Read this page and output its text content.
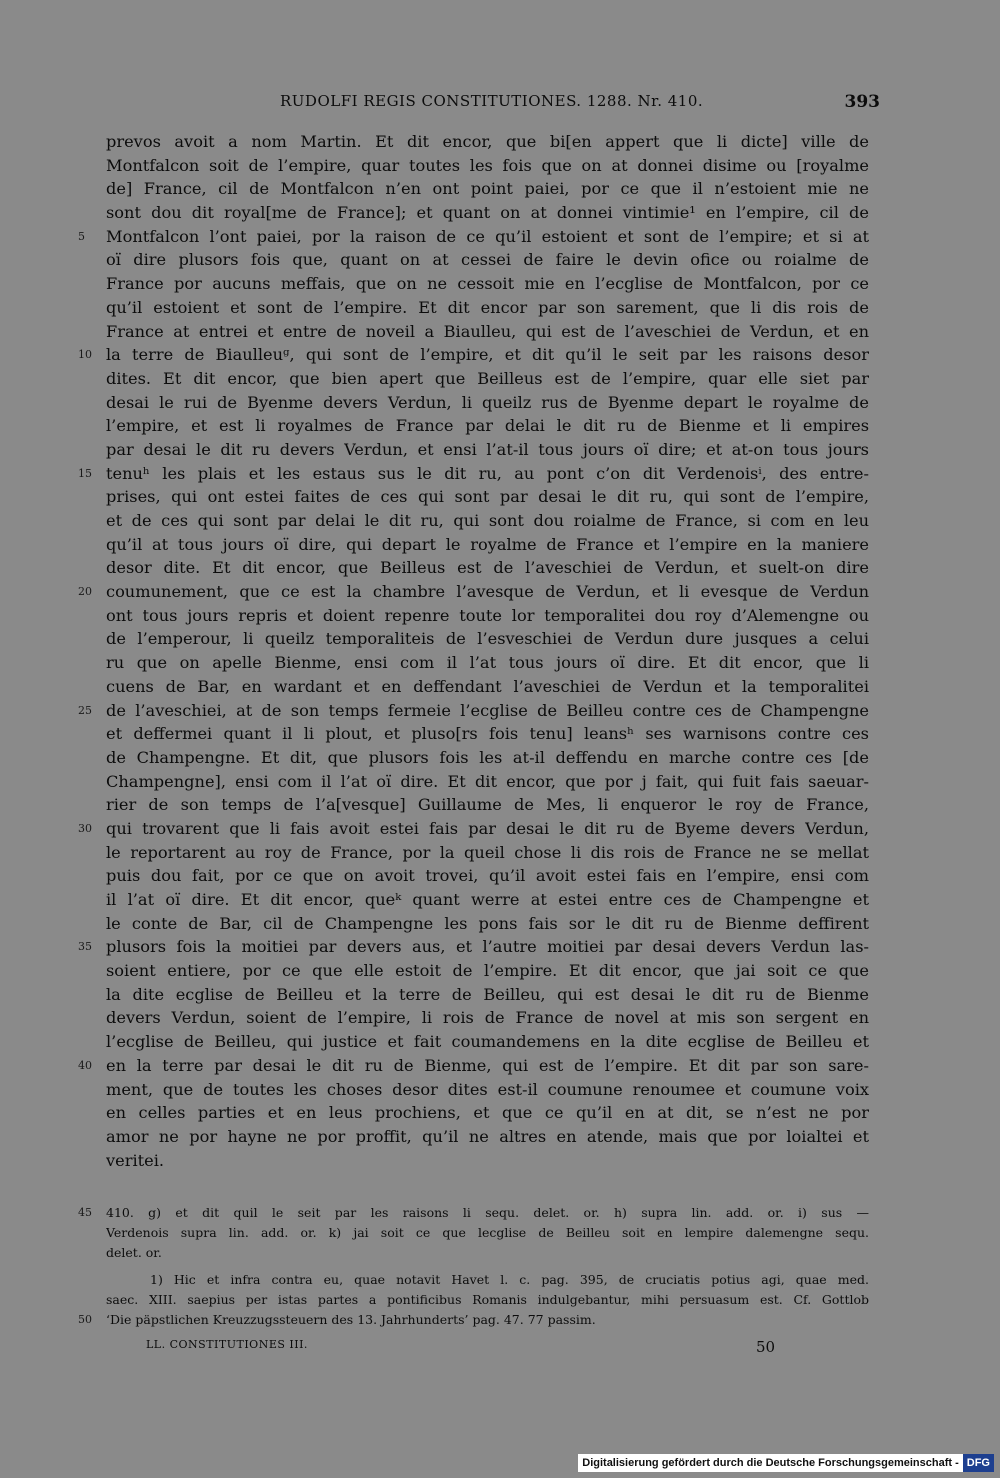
RUDOLFI REGIS CONSTITUTIONES. 1288. Nr. 410.	393
prevos avoit a nom Martin. Et dit encor, que bi[en appert que li dicte] ville de
Montfalcon soit de l’empire, quar toutes les fois que on at donnei disime ou [royalme
de] France, cil de Montfalcon n’en ont point paiei, por ce que il n’estoient mie ne
sont dou dit royal[me de France]; et quant on at donnei vintimie¹ en l’empire, cil de
5	Montfalcon l’ont paiei, por la raison de ce qu’il estoient et sont de l’empire; et si at
oï dire plusors fois que, quant on at cessei de faire le devin ofice ou roialme de
France por aucuns meffais, que on ne cessoit mie en l’ecglise de Montfalcon, por ce
qu’il estoient et sont de l’empire. Et dit encor par son sarement, que li dis rois de
France at entrei et entre de noveil a Biaulleu, qui est de l’aveschiei de Verdun, et en
10 la terre de Biaulleuᵍ, qui sont de l’empire, et dit qu’il le seit par les raisons desor
dites. Et dit encor, que bien apert que Beilleus est de l’empire, quar elle siet par
desai le rui de Byenme devers Verdun, li queilz rus de Byenme depart le royalme de
l’empire, et est li royalmes de France par delai le dit ru de Bienme et li empires
par desai le dit ru devers Verdun, et ensi l’at-il tous jours oï dire; et at-on tous jours
15 tenuʰ les plais et les estaus sus le dit ru, au pont c’on dit Verdenoisⁱ, des entre-
prises, qui ont estei faites de ces qui sont par desai le dit ru, qui sont de l’empire,
et de ces qui sont par delai le dit ru, qui sont dou roialme de France, si com en leu
qu’il at tous jours oï dire, qui depart le royalme de France et l’empire en la maniere
desor dite. Et dit encor, que Beilleus est de l’aveschiei de Verdun, et suelt-on dire
20 coumunement, que ce est la chambre l’avesque de Verdun, et li evesque de Verdun
ont tous jours repris et doient repenre toute lor temporalitei dou roy d’Alemengne ou
de l’emperour, li queilz temporaliteis de l’esveschiei de Verdun dure jusques a celui
ru que on apelle Bienme, ensi com il l’at tous jours oï dire. Et dit encor, que li
cuens de Bar, en wardant et en deffendant l’aveschiei de Verdun et la temporalitei
25 de l’aveschiei, at de son temps fermeie l’ecglise de Beilleu contre ces de Champengne
et deffermei quant il li plout, et pluso[rs fois tenu] leansʰ ses warnisons contre ces
de Champengne. Et dit, que plusors fois les at-il deffendu en marche contre ces [de
Champengne], ensi com il l’at oï dire. Et dit encor, que por j fait, qui fuit fais saeuar-
rier de son temps de l’a[vesque] Guillaume de Mes, li enqueror le roy de France,
30 qui trovarent que li fais avoit estei fais par desai le dit ru de Byeme devers Verdun,
le reportarent au roy de France, por la queil chose li dis rois de France ne se mellat
puis dou fait, por ce que on avoit trovei, qu’il avoit estei fais en l’empire, ensi com
il l’at oï dire. Et dit encor, queᵏ quant werre at estei entre ces de Champengne et
le conte de Bar, cil de Champengne les pons fais sor le dit ru de Bienme deffirent
35 plusors fois la moitiei par devers aus, et l’autre moitiei par desai devers Verdun las-
soient entiere, por ce que elle estoit de l’empire. Et dit encor, que jai soit ce que
la dite ecglise de Beilleu et la terre de Beilleu, qui est desai le dit ru de Bienme
devers Verdun, soient de l’empire, li rois de France de novel at mis son sergent en
l’ecglise de Beilleu, qui justice et fait coumandemens en la dite ecglise de Beilleu et
40 en la terre par desai le dit ru de Bienme, qui est de l’empire. Et dit par son sare-
ment, que de toutes les choses desor dites est-il coumune renoumee et coumune voix
en celles parties et en leus prochiens, et que ce qu’il en at dit, se n’est ne por
amor ne por hayne ne por proffit, qu’il ne altres en atende, mais que por loialtei et
veritei.
45	410. g) et dit quil le seit par les raisons li sequ. delet. or. h) supra lin. add. or. i) sus —
Verdenois supra lin. add. or. k) jai soit ce que lecglise de Beilleu soit en lempire dalemengne sequ.
delet. or.
1) Hic et infra contra eu, quae notavit Havet l. c. pag. 395, de cruciatis potius agi, quae med.
saec. XIII. saepius per istas partes a pontificibus Romanis indulgebantur, mihi persuasum est. Cf. Gottlob
50	‘Die päpstlichen Kreuzzugssteuern des 13. Jahrhunderts’ pag. 47. 77 passim.
LL. CONSTITUTIONES III.	50
Digitalisierung gefördert durch die Deutsche Forschungsgemeinschaft - DFG
